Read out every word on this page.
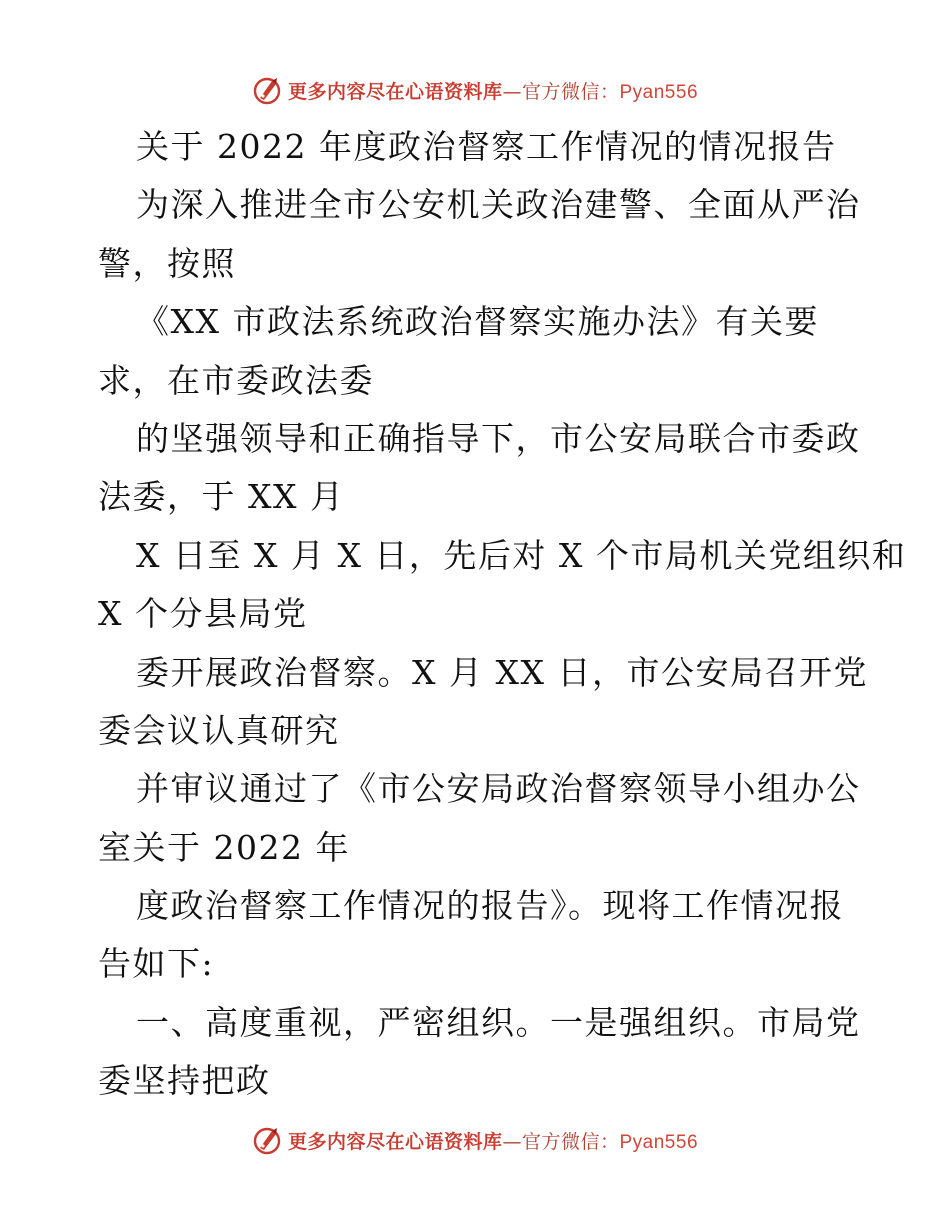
更多内容尽在心语资料库—官方微信：Pyan556
关于 2022 年度政治督察工作情况的情况报告
为深入推进全市公安机关政治建警、全面从严治
警，按照
《XX 市政法系统政治督察实施办法》有关要
求，在市委政法委
的坚强领导和正确指导下，市公安局联合市委政
法委，于 XX 月
X 日至 X 月 X 日，先后对 X 个市局机关党组织和
X 个分县局党
委开展政治督察。X 月 XX 日，市公安局召开党
委会议认真研究
并审议通过了《市公安局政治督察领导小组办公
室关于 2022 年
度政治督察工作情况的报告》。现将工作情况报
告如下:
一、高度重视，严密组织。一是强组织。市局党
委坚持把政
更多内容尽在心语资料库—官方微信：Pyan556
